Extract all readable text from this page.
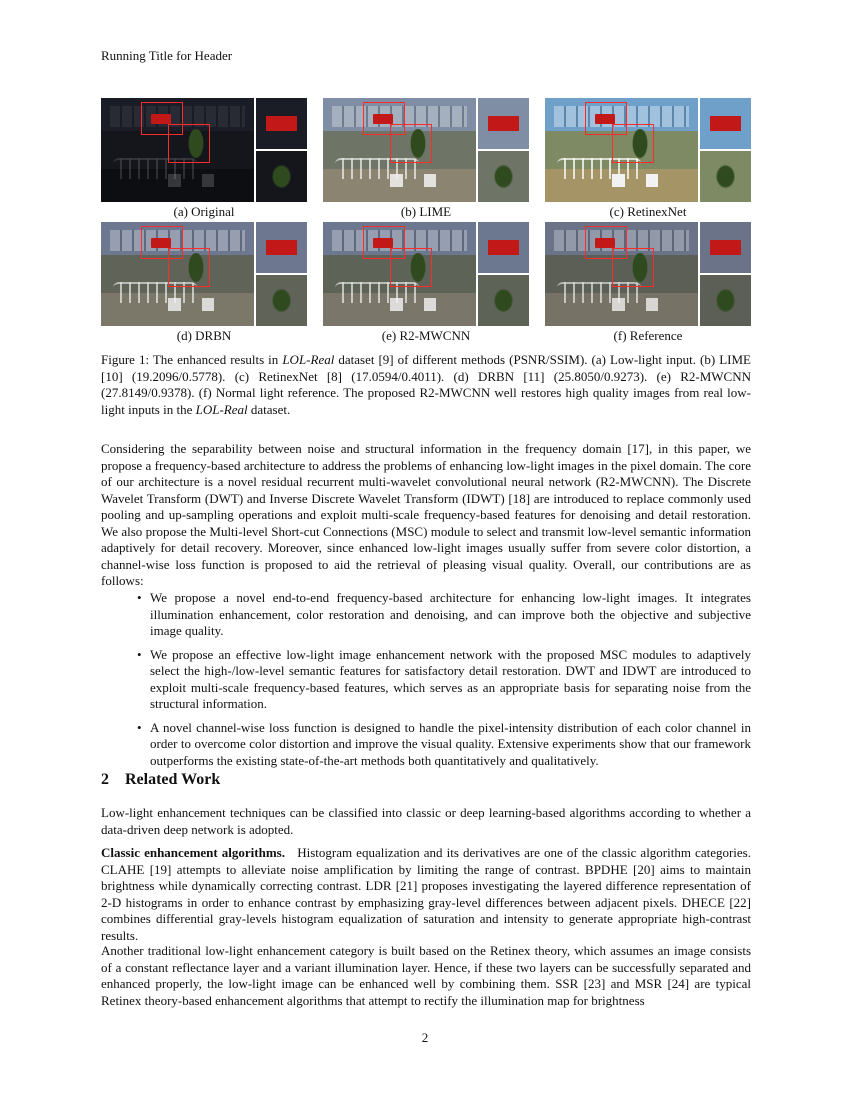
Running Title for Header
(a) Original	(b) LIME	(c) RetinexNet
(d) DRBN	(e) R2-MWCNN	(f) Reference
Figure 1: The enhanced results in LOL-Real dataset [9] of different methods (PSNR/SSIM). (a) Low-light input. (b) LIME [10] (19.2096/0.5778). (c) RetinexNet [8] (17.0594/0.4011). (d) DRBN [11] (25.8050/0.9273). (e) R2-MWCNN (27.8149/0.9378). (f) Normal light reference. The proposed R2-MWCNN well restores high quality images from real low-light inputs in the LOL-Real dataset.
Considering the separability between noise and structural information in the frequency domain [17], in this paper, we propose a frequency-based architecture to address the problems of enhancing low-light images in the pixel domain. The core of our architecture is a novel residual recurrent multi-wavelet convolutional neural network (R2-MWCNN). The Discrete Wavelet Transform (DWT) and Inverse Discrete Wavelet Transform (IDWT) [18] are introduced to replace commonly used pooling and up-sampling operations and exploit multi-scale frequency-based features for denoising and detail restoration. We also propose the Multi-level Short-cut Connections (MSC) module to select and transmit low-level semantic information adaptively for detail recovery. Moreover, since enhanced low-light images usually suffer from severe color distortion, a channel-wise loss function is proposed to aid the retrieval of pleasing visual quality. Overall, our contributions are as follows:
• We propose a novel end-to-end frequency-based architecture for enhancing low-light images. It integrates illumination enhancement, color restoration and denoising, and can improve both the objective and subjective image quality.
• We propose an effective low-light image enhancement network with the proposed MSC modules to adaptively select the high-/low-level semantic features for satisfactory detail restoration. DWT and IDWT are introduced to exploit multi-scale frequency-based features, which serves as an appropriate basis for separating noise from the structural information.
• A novel channel-wise loss function is designed to handle the pixel-intensity distribution of each color channel in order to overcome color distortion and improve the visual quality. Extensive experiments show that our framework outperforms the existing state-of-the-art methods both quantitatively and qualitatively.
2 Related Work
Low-light enhancement techniques can be classified into classic or deep learning-based algorithms according to whether a data-driven deep network is adopted.
Classic enhancement algorithms. Histogram equalization and its derivatives are one of the classic algorithm categories. CLAHE [19] attempts to alleviate noise amplification by limiting the range of contrast. BPDHE [20] aims to maintain brightness while dynamically correcting contrast. LDR [21] proposes investigating the layered difference representation of 2-D histograms in order to enhance contrast by emphasizing gray-level differences between adjacent pixels. DHECE [22] combines differential gray-levels histogram equalization of saturation and intensity to generate appropriate high-contrast results.
Another traditional low-light enhancement category is built based on the Retinex theory, which assumes an image consists of a constant reflectance layer and a variant illumination layer. Hence, if these two layers can be successfully separated and enhanced properly, the low-light image can be enhanced well by combining them. SSR [23] and MSR [24] are typical Retinex theory-based enhancement algorithms that attempt to rectify the illumination map for brightness
2
